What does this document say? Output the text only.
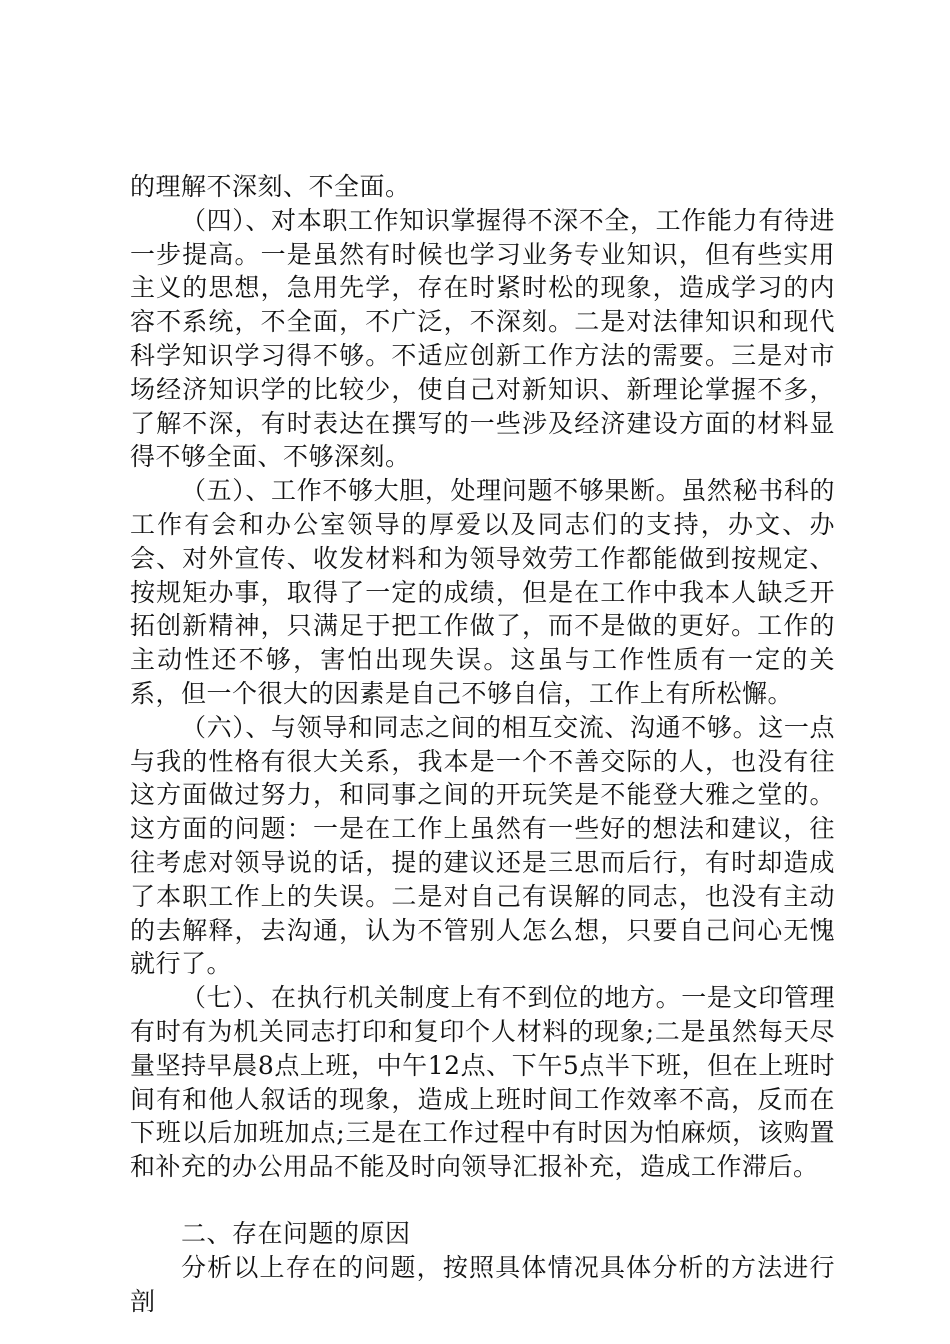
的理解不深刻、不全面。

（四）、对本职工作知识掌握得不深不全，工作能力有待进一步提高。一是虽然有时候也学习业务专业知识，但有些实用主义的思想，急用先学，存在时紧时松的现象，造成学习的内容不系统，不全面，不广泛，不深刻。二是对法律知识和现代科学知识学习得不够。不适应创新工作方法的需要。三是对市场经济知识学的比较少，使自己对新知识、新理论掌握不多，了解不深，有时表达在撰写的一些涉及经济建设方面的材料显得不够全面、不够深刻。

（五）、工作不够大胆，处理问题不够果断。虽然秘书科的工作有会和办公室领导的厚爱以及同志们的支持，办文、办会、对外宣传、收发材料和为领导效劳工作都能做到按规定、按规矩办事，取得了一定的成绩，但是在工作中我本人缺乏开拓创新精神，只满足于把工作做了，而不是做的更好。工作的主动性还不够，害怕出现失误。这虽与工作性质有一定的关系，但一个很大的因素是自己不够自信，工作上有所松懈。

（六）、与领导和同志之间的相互交流、沟通不够。这一点与我的性格有很大关系，我本是一个不善交际的人，也没有往这方面做过努力，和同事之间的开玩笑是不能登大雅之堂的。这方面的问题：一是在工作上虽然有一些好的想法和建议，往往考虑对领导说的话，提的建议还是三思而后行，有时却造成了本职工作上的失误。二是对自己有误解的同志，也没有主动的去解释，去沟通，认为不管别人怎么想，只要自己问心无愧就行了。

（七）、在执行机关制度上有不到位的地方。一是文印管理有时有为机关同志打印和复印个人材料的现象;二是虽然每天尽量坚持早晨8点上班，中午12点、下午5点半下班，但在上班时间有和他人叙话的现象，造成上班时间工作效率不高，反而在下班以后加班加点;三是在工作过程中有时因为怕麻烦，该购置和补充的办公用品不能及时向领导汇报补充，造成工作滞后。

二、存在问题的原因

分析以上存在的问题，按照具体情况具体分析的方法进行剖
